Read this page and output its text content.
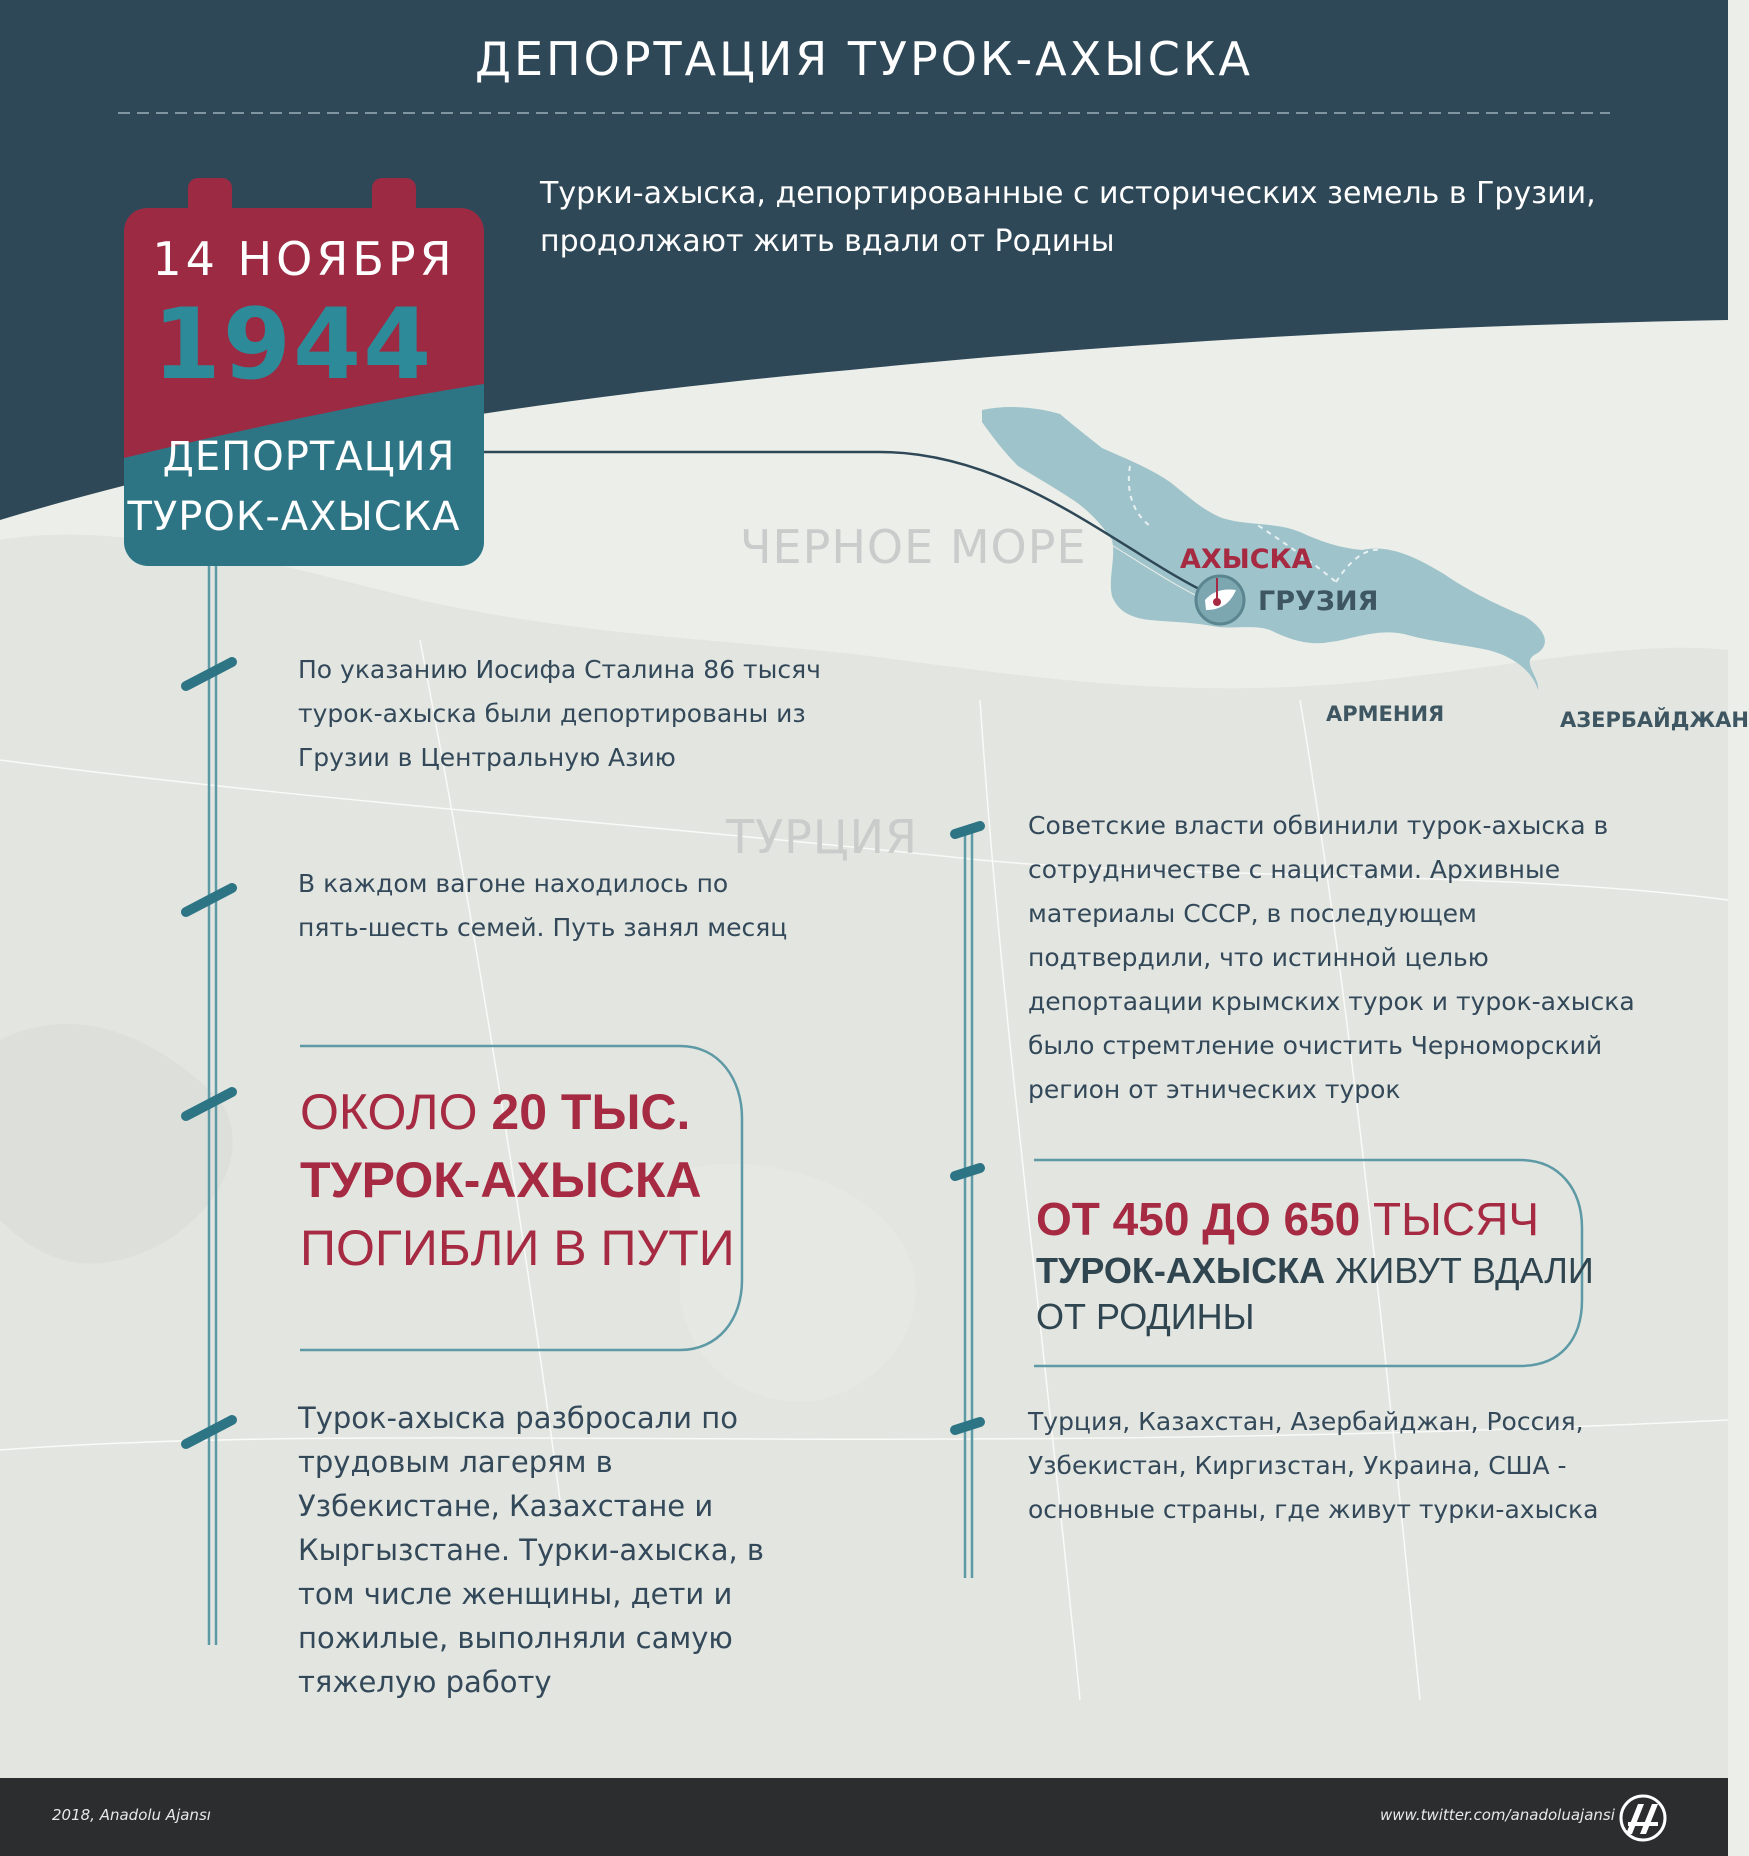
ДЕПОРТАЦИЯ ТУРОК-АХЫСКА
Турки-ахыска, депортированные с исторических земель в Грузии,
продолжают жить вдали от Родины
14 НОЯБРЯ
1944
ДЕПОРТАЦИЯ
ТУРОК-АХЫСКА
ЧЕРНОЕ МОРЕ
ТУРЦИЯ
АХЫСКА
ГРУЗИЯ
АРМЕНИЯ	АЗЕРБАЙДЖАН
По указанию Иосифа Сталина 86 тысяч
турок-ахыска были депортированы из
Грузии в Центральную Азию
В каждом вагоне находилось по
пять-шесть семей. Путь занял месяц
ОКОЛО 20 ТЫС.
ТУРОК-АХЫСКА
ПОГИБЛИ В ПУТИ
Турок-ахыска разбросали по
трудовым лагерям в
Узбекистане, Казахстане и
Кыргызстане. Турки-ахыска, в
том числе женщины, дети и
пожилые, выполняли самую
тяжелую работу
Советские власти обвинили турок-ахыска в
сотрудничестве с нацистами. Архивные
материалы СССР, в последующем
подтвердили, что истинной целью
депортаации крымских турок и турок-ахыска
было стремтление очистить Черноморский
регион от этнических турок
ОТ 450 ДО 650 ТЫСЯЧ
ТУРОК-АХЫСКА ЖИВУТ ВДАЛИ
ОТ РОДИНЫ
Турция, Казахстан, Азербайджан, Россия,
Узбекистан, Киргизстан, Украина, США -
основные страны, где живут турки-ахыска
2018, Anadolu Ajansı	www.twitter.com/anadoluajansi
